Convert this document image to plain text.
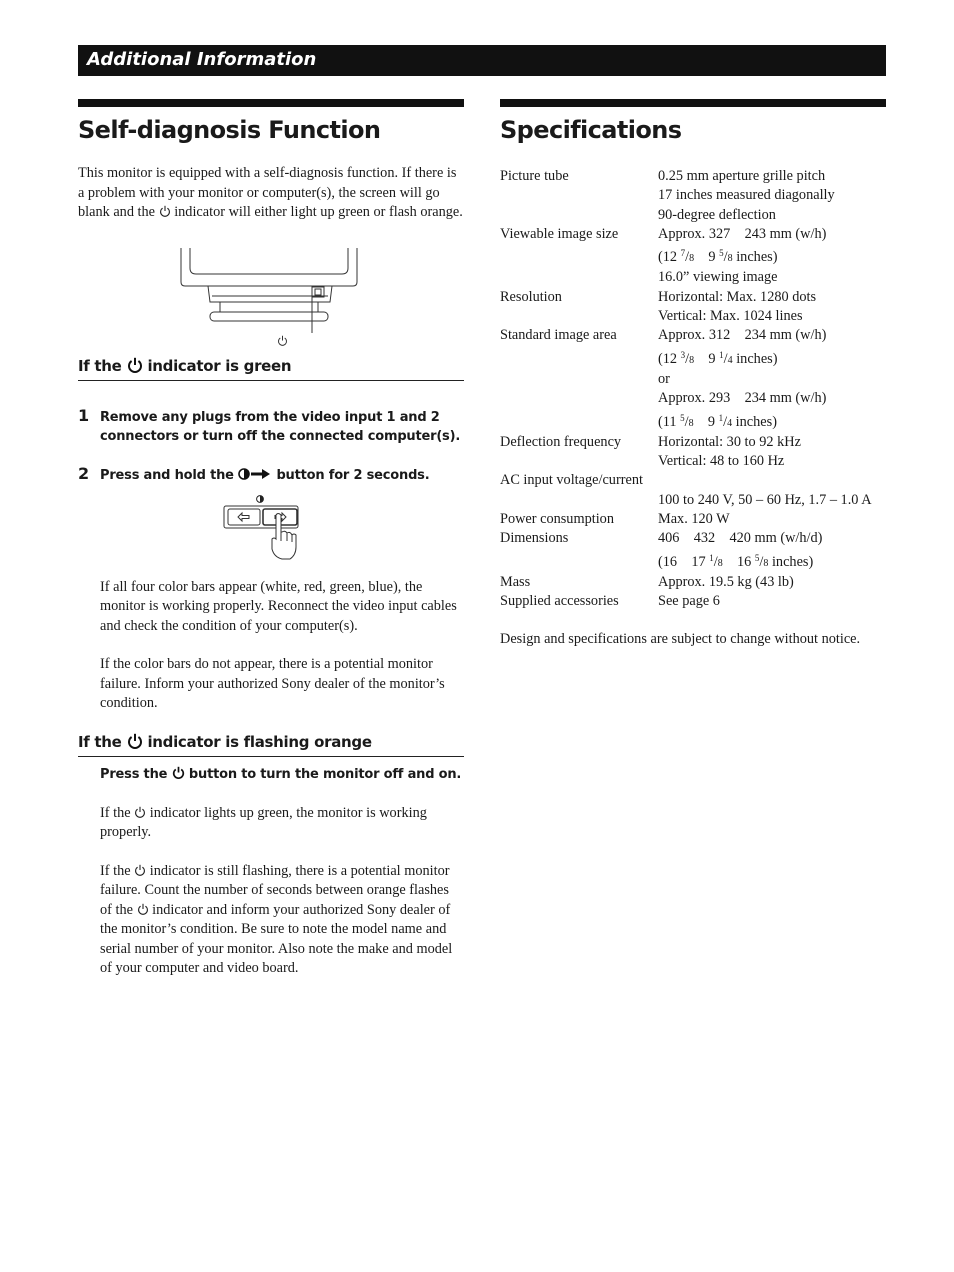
Additional Information
Self-diagnosis Function

This monitor is equipped with a self-diagnosis function. If there is a problem with your monitor or computer(s), the screen will go blank and the indicator will either light up green or flash orange.

If the indicator is green
1 Remove any plugs from the video input 1 and 2 connectors or turn off the connected computer(s).
2 Press and hold the	button for 2 seconds.

If all four color bars appear (white, red, green, blue), the monitor is working properly. Reconnect the video input cables and check the condition of your computer(s).

If the color bars do not appear, there is a potential monitor failure. Inform your authorized Sony dealer of the monitor’s condition.

If the indicator is flashing orange
Press the button to turn the monitor off and on.

If the indicator lights up green, the monitor is working properly.

If the indicator is still flashing, there is a potential monitor failure. Count the number of seconds between orange flashes of the indicator and inform your authorized Sony dealer of the monitor’s condition. Be sure to note the model name and serial number of your monitor. Also note the make and model of your computer and video board.

Specifications
Picture tube	0.25 mm aperture grille pitch
17 inches measured diagonally
90-degree deflection
Viewable image size	Approx. 327    243 mm (w/h)
(12 $^7$/8    9 $^5$/8 inches)
16.0” viewing image
Resolution	Horizontal: Max. 1280 dots
Vertical: Max. 1024 lines
Standard image area	Approx. 312    234 mm (w/h)
(12 $^3$/8    9 $^1$/4 inches)
or
Approx. 293    234 mm (w/h)
(11 $^5$/8    9 $^1$/4 inches)
Deflection frequency	Horizontal: 30 to 92 kHz
Vertical: 48 to 160 Hz
AC input voltage/current
100 to 240 V, 50 – 60 Hz, 1.7 – 1.0 A
Power consumption	Max. 120 W
Dimensions	406    432    420 mm (w/h/d)
(16    17 $^1$/8    16 $^5$/8 inches)
Mass	Approx. 19.5 kg (43 lb)
Supplied accessories	See page 6

Design and specifications are subject to change without notice.
